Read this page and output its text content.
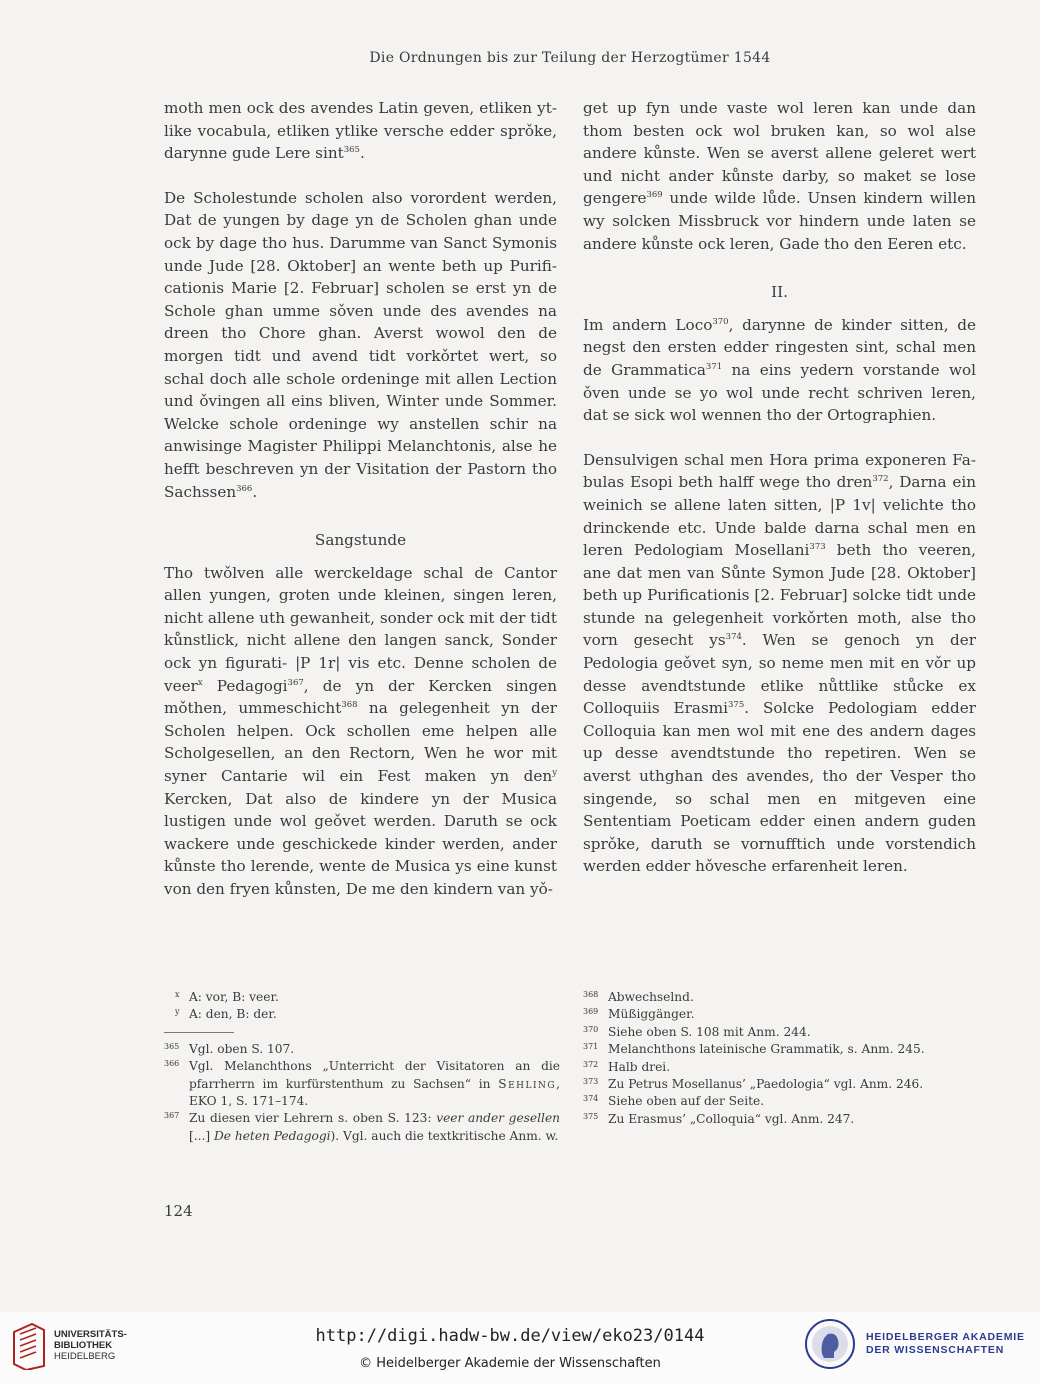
Die Ordnungen bis zur Teilung der Herzogtümer 1544

moth men ock des avendes Latin geven, etliken ytlike vocabula, etliken ytlike versche edder sprǒke, darynne gude Lere sint$^{365}$.

De Scholestunde scholen also vorordent werden, Dat de yungen by dage yn de Scholen ghan unde ock by dage tho hus. Darumme van Sanct Symonis unde Jude [28. Oktober] an wente beth up Purificationis Marie [2. Februar] scholen se erst yn de Schole ghan umme sǒven unde des avendes na dreen tho Chore ghan. Averst wowol den de morgen tidt und avend tidt vorkǒrtet wert, so schal doch alle schole ordeninge mit allen Lection und ǒvingen all eins bliven, Winter unde Sommer. Welcke schole ordeninge wy anstellen schir na anwisinge Magister Philippi Melanchtonis, alse he hefft beschreven yn der Visitation der Pastorn tho Sachssen$^{366}$.

Sangstunde

Tho twǒlven alle werckeldage schal de Cantor allen yungen, groten unde kleinen, singen leren, nicht allene uth gewanheit, sonder ock mit der tidt kůnstlick, nicht allene den langen sanck, Sonder ock yn figurati- |P 1r| vis etc. Denne scholen de veer$^x$ Pedagogi$^{367}$, de yn der Kercken singen mǒthen, ummeschicht$^{368}$ na gelegenheit yn der Scholen helpen. Ock schollen eme helpen alle Scholgesellen, an den Rectorn, Wen he wor mit syner Cantarie wil ein Fest maken yn den$^y$ Kercken, Dat also de kindere yn der Musica lustigen unde wol geǒvet werden. Daruth se ock wackere unde geschickede kinder werden, ander kůnste tho lerende, wente de Musica ys eine kunst von den fryen kůnsten, De me den kindern van yǒ-

get up fyn unde vaste wol leren kan unde dan thom besten ock wol bruken kan, so wol alse andere kůnste. Wen se averst allene geleret wert und nicht ander kůnste darby, so maket se lose gengere$^{369}$ unde wilde lůde. Unsen kindern willen wy solcken Missbruck vor hindern unde laten se andere kůnste ock leren, Gade tho den Eeren etc.

II.

Im andern Loco$^{370}$, darynne de kinder sitten, de negst den ersten edder ringesten sint, schal men de Grammatica$^{371}$ na eins yedern vorstande wol ǒven unde se yo wol unde recht schriven leren, dat se sick wol wennen tho der Ortographien.

Densulvigen schal men Hora prima exponeren Fabulas Esopi beth halff wege tho dren$^{372}$, Darna ein weinich se allene laten sitten, |P 1v| velichte tho drinckende etc. Unde balde darna schal men en leren Pedologiam Mosellani$^{373}$ beth tho veeren, ane dat men van Sůnte Symon Jude [28. Oktober] beth up Purificationis [2. Februar] solcke tidt unde stunde na gelegenheit vorkǒrten moth, alse tho vorn gesecht $ys^{374}$. Wen se genoch yn der Pedologia geǒvet syn, so neme men mit en vǒr up desse avendtstunde etlike nůttlike stůcke ex Colloquiis Erasmi$^{375}$. Solcke Pedologiam edder Colloquia kan men wol mit ene des andern dages up desse avendtstunde tho repetiren. Wen se averst uthghan des avendes, tho der Vesper tho singende, so schal men en mitgeven eine Sententiam Poeticam edder einen andern guden sprǒke, daruth se vornufftich unde vorstendich werden edder hǒvesche erfarenheit leren.

x A: vor, B: veer.
y A: den, B: der.
365 Vgl. oben S. 107.
366 Vgl. Melanchthons „Unterricht der Visitatoren an die pfarrherrn im kurfürstenthum zu Sachsen“ in Sehling, EKO 1, S. 171–174.
367 Zu diesen vier Lehrern s. oben S. 123: veer ander gesellen [...] De heten Pedagogi). Vgl. auch die textkritische Anm. w.
368 Abwechselnd.
369 Müßiggänger.
370 Siehe oben S. 108 mit Anm. 244.
371 Melanchthons lateinische Grammatik, s. Anm. 245.
372 Halb drei.
373 Zu Petrus Mosellanus’ „Paedologia“ vgl. Anm. 246.
374 Siehe oben auf der Seite.
375 Zu Erasmus’ „Colloquia“ vgl. Anm. 247.
124
UNIVERSITÄTS-
BIBLIOTHEK
HEIDELBERG
http://digi.hadw-bw.de/view/eko23/0144
© Heidelberger Akademie der Wissenschaften
HEIDELBERGER AKADEMIE
DER WISSENSCHAFTEN
